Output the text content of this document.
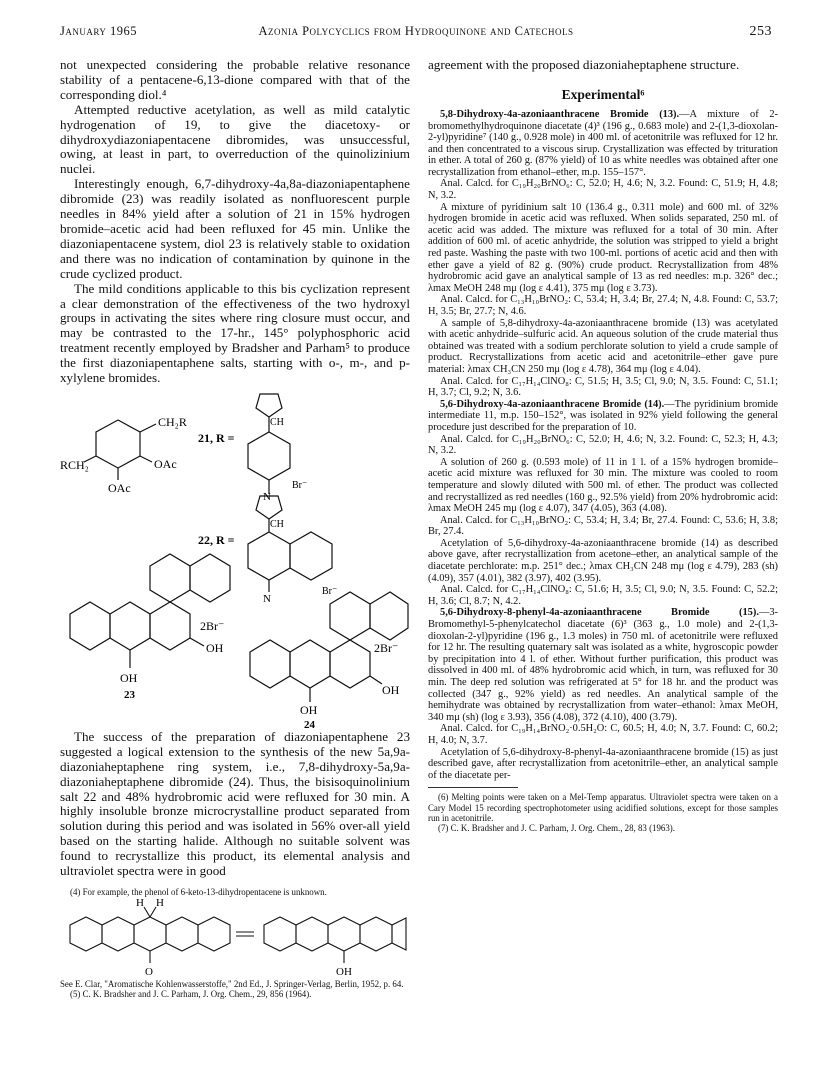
January 1965	Azonia Polycyclics from Hydroquinone and Catechols	253

not unexpected considering the probable relative resonance stability of a pentacene-6,13-dione compared with that of the corresponding diol.⁴

Attempted reductive acetylation, as well as mild catalytic hydrogenation of 19, to give the diacetoxy- or dihydroxydiazoniapentacene dibromides, was unsuccessful, owing, at least in part, to overreduction of the quinolizinium nuclei.

Interestingly enough, 6,7-dihydroxy-4a,8a-diazoniapentaphene dibromide (23) was readily isolated as nonfluorescent purple needles in 84% yield after a solution of 21 in 15% hydrogen bromide–acetic acid had been refluxed for 45 min. Unlike the diazoniapentacene system, diol 23 is relatively stable to oxidation and there was no indication of contamination by quinone in the crude cyclized product.

The mild conditions applicable to this bis cyclization represent a clear demonstration of the effectiveness of the two hydroxyl groups in activating the sites where ring closure must occur, and may be contrasted to the 17-hr., 145° polyphosphoric acid treatment recently employed by Bradsher and Parham⁵ to produce the first diazoniapentaphene salts, starting with o-, m-, and p-xylylene bromides.

CH₂R
RCH₂	OAc
OAc
21, R =
CH
N
Br⁻
22, R =
CH
N
Br⁻
2Br⁻
OH
OH
23
2Br⁻
OH
OH
24

The success of the preparation of diazoniapentaphene 23 suggested a logical extension to the synthesis of the new 5a,9a-diazoniaheptaphene ring system, i.e., 7,8-dihydroxy-5a,9a-diazoniaheptaphene dibromide (24). Thus, the bisisoquinolinium salt 22 and 48% hydrobromic acid were refluxed for 30 min. A highly insoluble bronze microcrystalline product separated from solution during this period and was isolated in 56% over-all yield based on the starting halide. Although no suitable solvent was found to recrystallize this product, its elemental analysis and ultraviolet spectra were in good

(4) For example, the phenol of 6-keto-13-dihydropentacene is unknown.

H H
O	OH

See E. Clar, "Aromatische Kohlenwasserstoffe," 2nd Ed., J. Springer-Verlag, Berlin, 1952, p. 64.

(5) C. K. Bradsher and J. C. Parham, J. Org. Chem., 29, 856 (1964).

agreement with the proposed diazoniaheptaphene structure.

Experimental⁶

5,8-Dihydroxy-4a-azoniaanthracene Bromide (13).—A mixture of 2-bromomethylhydroquinone diacetate (4)³ (196 g., 0.683 mole) and 2-(1,3-dioxolan-2-yl)pyridine⁷ (140 g., 0.928 mole) in 400 ml. of acetonitrile was refluxed for 12 hr. and then concentrated to a viscous sirup. Crystallization was effected by trituration in ether. A total of 260 g. (87% yield) of 10 as white needles was obtained after one recrystallization from ethanol–ether, m.p. 155–157°.

Anal. Calcd. for C₁₉H₂₀BrNO₆: C, 52.0; H, 4.6; N, 3.2. Found: C, 51.9; H, 4.8; N, 3.2.

A mixture of pyridinium salt 10 (136.4 g., 0.311 mole) and 600 ml. of 32% hydrogen bromide in acetic acid was refluxed. When solids separated, 250 ml. of acetic acid was added. The mixture was refluxed for a total of 30 min. After addition of 600 ml. of acetic anhydride, the solution was stripped to yield a bright red paste. Washing the paste with two 100-ml. portions of acetic acid and then with ether gave a yield of 82 g. (90%) crude product. Recrystallization from 48% hydrobromic acid gave an analytical sample of 13 as red needles: m.p. 326° dec.; λmax MeOH 248 mμ (log ε 4.41), 375 mμ (log ε 3.73).

Anal. Calcd. for C₁₃H₁₀BrNO₂: C, 53.4; H, 3.4; Br, 27.4; N, 4.8. Found: C, 53.7; H, 3.5; Br, 27.7; N, 4.6.

A sample of 5,8-dihydroxy-4a-azoniaanthracene bromide (13) was acetylated with acetic anhydride–sulfuric acid. An aqueous solution of the crude material thus obtained was treated with a sodium perchlorate solution to yield a crude sample of product. Recrystallizations from acetic acid and acetonitrile–ether gave pure material: λmax CH₃CN 250 mμ (log ε 4.78), 364 mμ (log ε 4.04).

Anal. Calcd. for C₁₇H₁₄ClNO₈: C, 51.5; H, 3.5; Cl, 9.0; N, 3.5. Found: C, 51.1; H, 3.7; Cl, 9.2; N, 3.6.

5,6-Dihydroxy-4a-azoniaanthracene Bromide (14).—The pyridinium bromide intermediate 11, m.p. 150–152°, was isolated in 92% yield following the general procedure just described for the preparation of 10.

Anal. Calcd. for C₁₉H₂₀BrNO₆: C, 52.0; H, 4.6; N, 3.2. Found: C, 52.3; H, 4.3; N, 3.2.

A solution of 260 g. (0.593 mole) of 11 in 1 l. of a 15% hydrogen bromide–acetic acid mixture was refluxed for 30 min. The mixture was cooled to room temperature and slowly diluted with 500 ml. of ether. The product was collected and recrystallized as red needles (160 g., 92.5% yield) from 20% hydrobromic acid: λmax MeOH 245 mμ (log ε 4.07), 347 (4.05), 363 (4.08).

Anal. Calcd. for C₁₃H₁₀BrNO₂: C, 53.4; H, 3.4; Br, 27.4. Found: C, 53.6; H, 3.8; Br, 27.4.

Acetylation of 5,6-dihydroxy-4a-azoniaanthracene bromide (14) as described above gave, after recrystallization from acetone–ether, an analytical sample of the diacetate perchlorate: m.p. 251° dec.; λmax CH₃CN 248 mμ (log ε 4.79), 283 (sh) (4.09), 357 (4.01), 382 (3.97), 402 (3.95).

Anal. Calcd. for C₁₇H₁₄ClNO₈: C, 51.6; H, 3.5; Cl, 9.0; N, 3.5. Found: C, 52.2; H, 3.6; Cl, 8.7; N, 4.2.

5,6-Dihydroxy-8-phenyl-4a-azoniaanthracene Bromide (15).—3-Bromomethyl-5-phenylcatechol diacetate (6)³ (363 g., 1.0 mole) and 2-(1,3-dioxolan-2-yl)pyridine (196 g., 1.3 moles) in 750 ml. of acetonitrile were refluxed for 12 hr. The resulting quaternary salt was isolated as a white, hygroscopic powder by precipitation into 4 l. of ether. Without further purification, this product was dissolved in 400 ml. of 48% hydrobromic acid which, in turn, was refluxed for 30 min. The deep red solution was refrigerated at 5° for 18 hr. and the product was collected (347 g., 92% yield) as red needles. An analytical sample of the hemihydrate was obtained by recrystallization from water–ethanol: λmax MeOH, 340 mμ (sh) (log ε 3.93), 356 (4.08), 372 (4.10), 400 (3.79).

Anal. Calcd. for C₁₉H₁₄BrNO₂·0.5H₂O: C, 60.5; H, 4.0; N, 3.7. Found: C, 60.2; H, 4.0; N, 3.7.

Acetylation of 5,6-dihydroxy-8-phenyl-4a-azoniaanthracene bromide (15) as just described gave, after recrystallization from acetonitrile–ether, an analytical sample of the diacetate per-

(6) Melting points were taken on a Mel-Temp apparatus. Ultraviolet spectra were taken on a Cary Model 15 recording spectrophotometer using acidified solutions, except for those samples run in acetonitrile.

(7) C. K. Bradsher and J. C. Parham, J. Org. Chem., 28, 83 (1963).
